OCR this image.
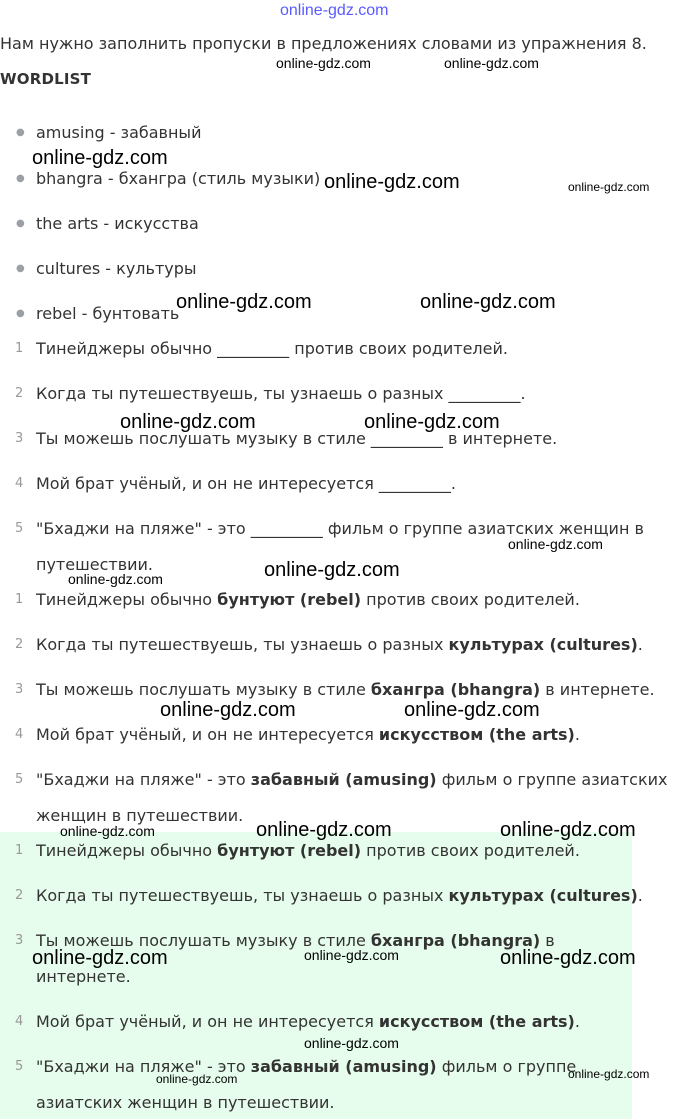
online-gdz.com
Нам нужно заполнить пропуски в предложениях словами из упражнения 8.
WORDLIST
● amusing - забавный
● bhangra - бхангра (стиль музыки)
● the arts - искусства
● cultures - культуры
● rebel - бунтовать
1 Тинейджеры обычно _________ против своих родителей.
2 Когда ты путешествуешь, ты узнаешь о разных _________.
3 Ты можешь послушать музыку в стиле _________ в интернете.
4 Мой брат учёный, и он не интересуется _________.
5 "Бхаджи на пляже" - это _________ фильм о группе азиатских женщин в
путешествии.
1 Тинейджеры обычно бунтуют (rebel) против своих родителей.
2 Когда ты путешествуешь, ты узнаешь о разных культурах (cultures).
3 Ты можешь послушать музыку в стиле бхангра (bhangra) в интернете.
4 Мой брат учёный, и он не интересуется искусством (the arts).
5 "Бхаджи на пляже" - это забавный (amusing) фильм о группе азиатских
женщин в путешествии.
1 Тинейджеры обычно бунтуют (rebel) против своих родителей.
2 Когда ты путешествуешь, ты узнаешь о разных культурах (cultures).
3 Ты можешь послушать музыку в стиле бхангра (bhangra) в
интернете.
4 Мой брат учёный, и он не интересуется искусством (the arts).
5 "Бхаджи на пляже" - это забавный (amusing) фильм о группе
азиатских женщин в путешествии.
online-gdz.com	online-gdz.com
online-gdz.com
online-gdz.com	online-gdz.com
online-gdz.com	online-gdz.com
online-gdz.com	online-gdz.com
online-gdz.com
online-gdz.com
online-gdz.com
online-gdz.com	online-gdz.com
online-gdz.com	online-gdz.com	online-gdz.com
online-gdz.com	online-gdz.com	online-gdz.com
online-gdz.com
online-gdz.com
online-gdz.com
